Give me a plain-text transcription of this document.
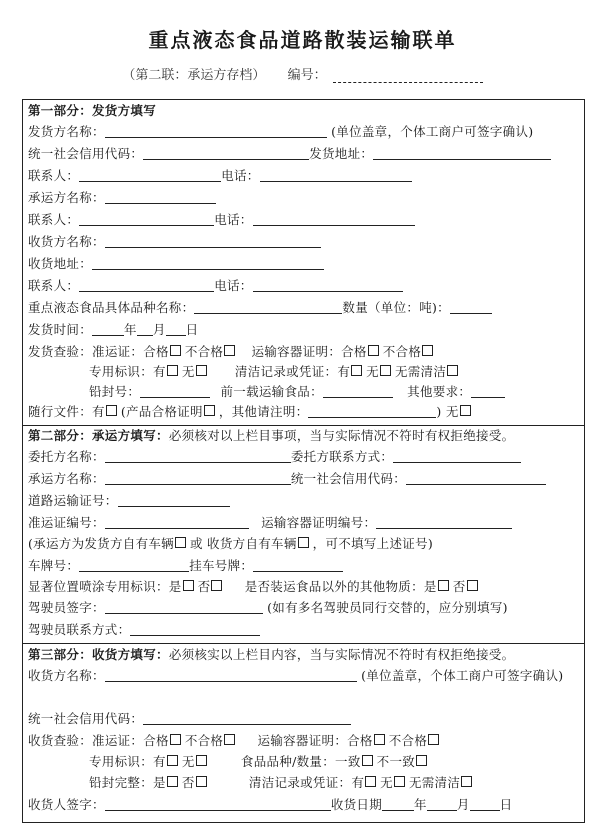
重点液态食品道路散装运输联单
（第二联：承运方存档） 编号：
第一部分：发货方填写
发货方名称：	(单位盖章，个体工商户可签字确认)
统一社会信用代码：	发货地址：
联系人：	电话：
承运方名称：
联系人：	电话：
收货方名称：
收货地址：
联系人：	电话：
重点液态食品具体品种名称：	数量（单位：吨)：
发货时间：	年 月 日
发货查验：准运证：合格 不合格 运输容器证明：合格 不合格
专用标识：有 无	清洁记录或凭证：有 无 无需清洁
铅封号：	前一载运输食品：	其他要求：
随行文件：有 (产品合格证明 ，其他请注明：	) 无
第二部分：承运方填写：必须核对以上栏目事项，当与实际情况不符时有权拒绝接受。
委托方名称：	委托方联系方式：
承运方名称：	统一社会信用代码：
道路运输证号：
准运证编号：	运输容器证明编号：
(承运方为发货方自有车辆 或 收货方自有车辆 ，可不填写上述证号)
车牌号：	挂车号牌：
显著位置喷涂专用标识：是 否	是否装运食品以外的其他物质：是 否
驾驶员签字：	(如有多名驾驶员同行交替的，应分别填写)
驾驶员联系方式：
第三部分：收货方填写：必须核实以上栏目内容，当与实际情况不符时有权拒绝接受。
收货方名称：	(单位盖章，个体工商户可签字确认)
统一社会信用代码：
收货查验：准运证：合格 不合格	运输容器证明：合格 不合格
专用标识：有 无	食品品种/数量：一致 不一致
铅封完整：是 否	清洁记录或凭证：有 无 无需清洁
收货人签字：	收货日期	年 月 日
